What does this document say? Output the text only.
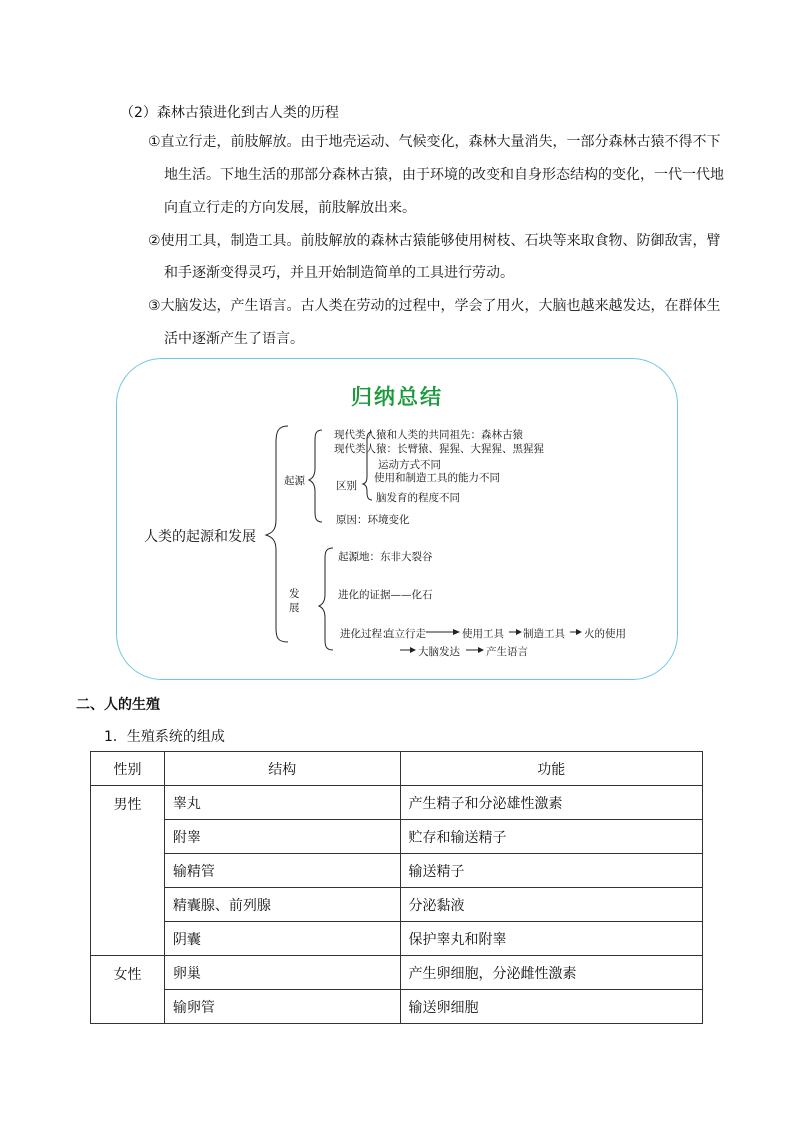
（2）森林古猿进化到古人类的历程
①直立行走，前肢解放。由于地壳运动、气候变化，森林大量消失，一部分森林古猿不得不下
地生活。下地生活的那部分森林古猿，由于环境的改变和自身形态结构的变化，一代一代地
向直立行走的方向发展，前肢解放出来。
②使用工具，制造工具。前肢解放的森林古猿能够使用树枝、石块等来取食物、防御敌害，臂
和手逐渐变得灵巧，并且开始制造简单的工具进行劳动。
③大脑发达，产生语言。古人类在劳动的过程中，学会了用火，大脑也越来越发达，在群体生
活中逐渐产生了语言。
归纳总结
人类的起源和发展
起源
现代类人猿和人类的共同祖先：森林古猿
现代类人猿：长臂猿、猩猩、大猩猩、黑猩猩
区别
运动方式不同
使用和制造工具的能力不同
脑发育的程度不同
原因：环境变化
发
展
起源地：东非大裂谷
进化的证据——化石
进化过程：
直立行走	使用工具 制造工具 火的使用
大脑发达 产生语言
二、人的生殖
1．生殖系统的组成
性别	结构	功能
男性	睾丸	产生精子和分泌雄性激素
	附睾	贮存和输送精子
	输精管	输送精子
	精囊腺、前列腺	分泌黏液
	阴囊	保护睾丸和附睾
女性	卵巢	产生卵细胞，分泌雌性激素
	输卵管	输送卵细胞
